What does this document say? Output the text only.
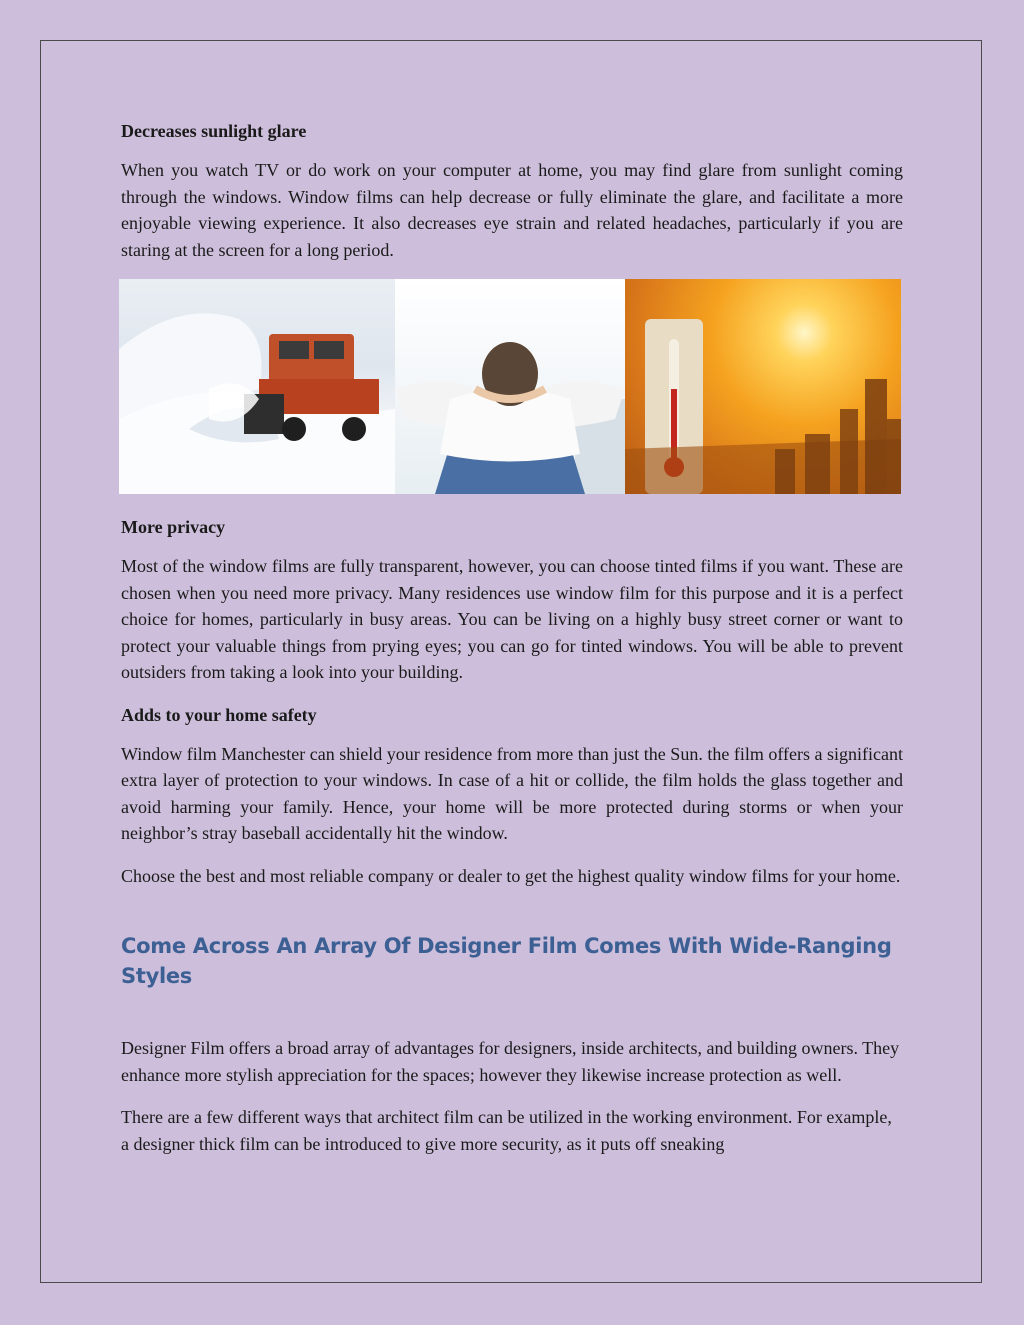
Decreases sunlight glare

When you watch TV or do work on your computer at home, you may find glare from sunlight coming through the windows. Window films can help decrease or fully eliminate the glare, and facilitate a more enjoyable viewing experience. It also decreases eye strain and related headaches, particularly if you are staring at the screen for a long period.

More privacy

Most of the window films are fully transparent, however, you can choose tinted films if you want. These are chosen when you need more privacy. Many residences use window film for this purpose and it is a perfect choice for homes, particularly in busy areas. You can be living on a highly busy street corner or want to protect your valuable things from prying eyes; you can go for tinted windows. You will be able to prevent outsiders from taking a look into your building.

Adds to your home safety

Window film Manchester can shield your residence from more than just the Sun. the film offers a significant extra layer of protection to your windows. In case of a hit or collide, the film holds the glass together and avoid harming your family. Hence, your home will be more protected during storms or when your neighbor’s stray baseball accidentally hit the window.

Choose the best and most reliable company or dealer to get the highest quality window films for your home.

Come Across An Array Of Designer Film Comes With Wide-Ranging Styles

Designer Film offers a broad array of advantages for designers, inside architects, and building owners. They enhance more stylish appreciation for the spaces; however they likewise increase protection as well.

There are a few different ways that architect film can be utilized in the working environment. For example, a designer thick film can be introduced to give more security, as it puts off sneaking
